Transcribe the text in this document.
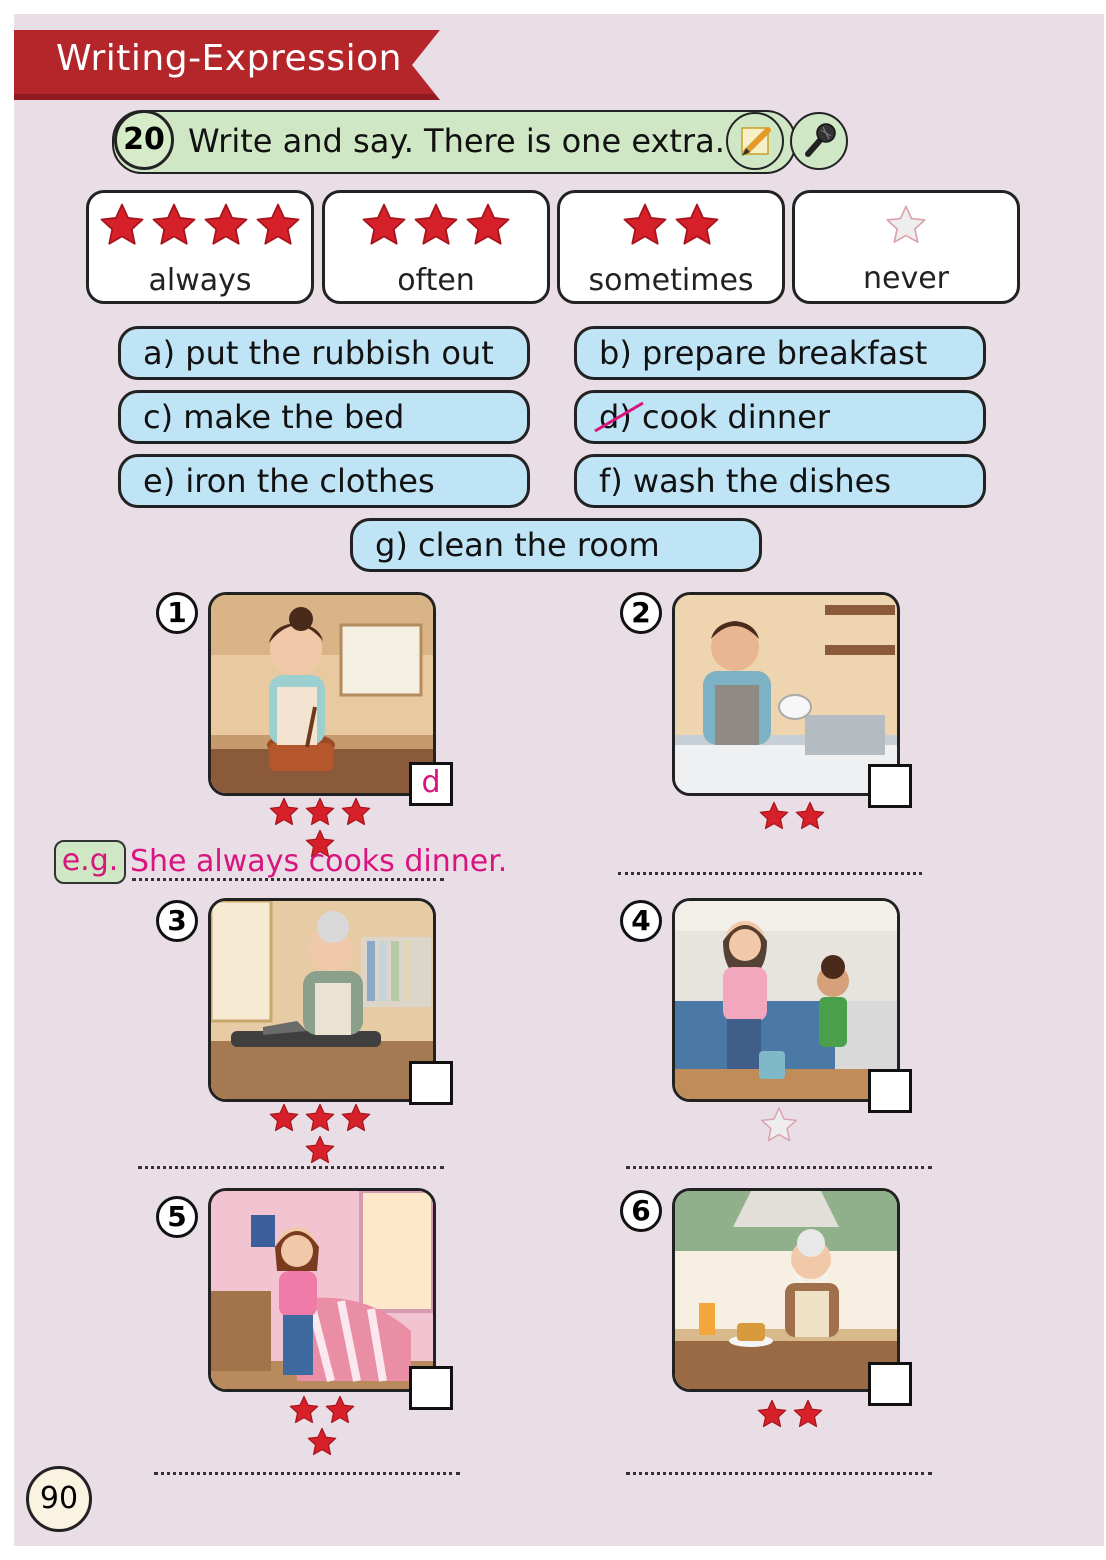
Writing-Expression
20 Write and say. There is one extra.
always	often	sometimes	never
a) put the rubbish out	b) prepare breakfast
c) make the bed	d) cook dinner
e) iron the clothes	f) wash the dishes
g) clean the room
1
d
2
e.g. She always cooks dinner.
3	4
5	6
90
